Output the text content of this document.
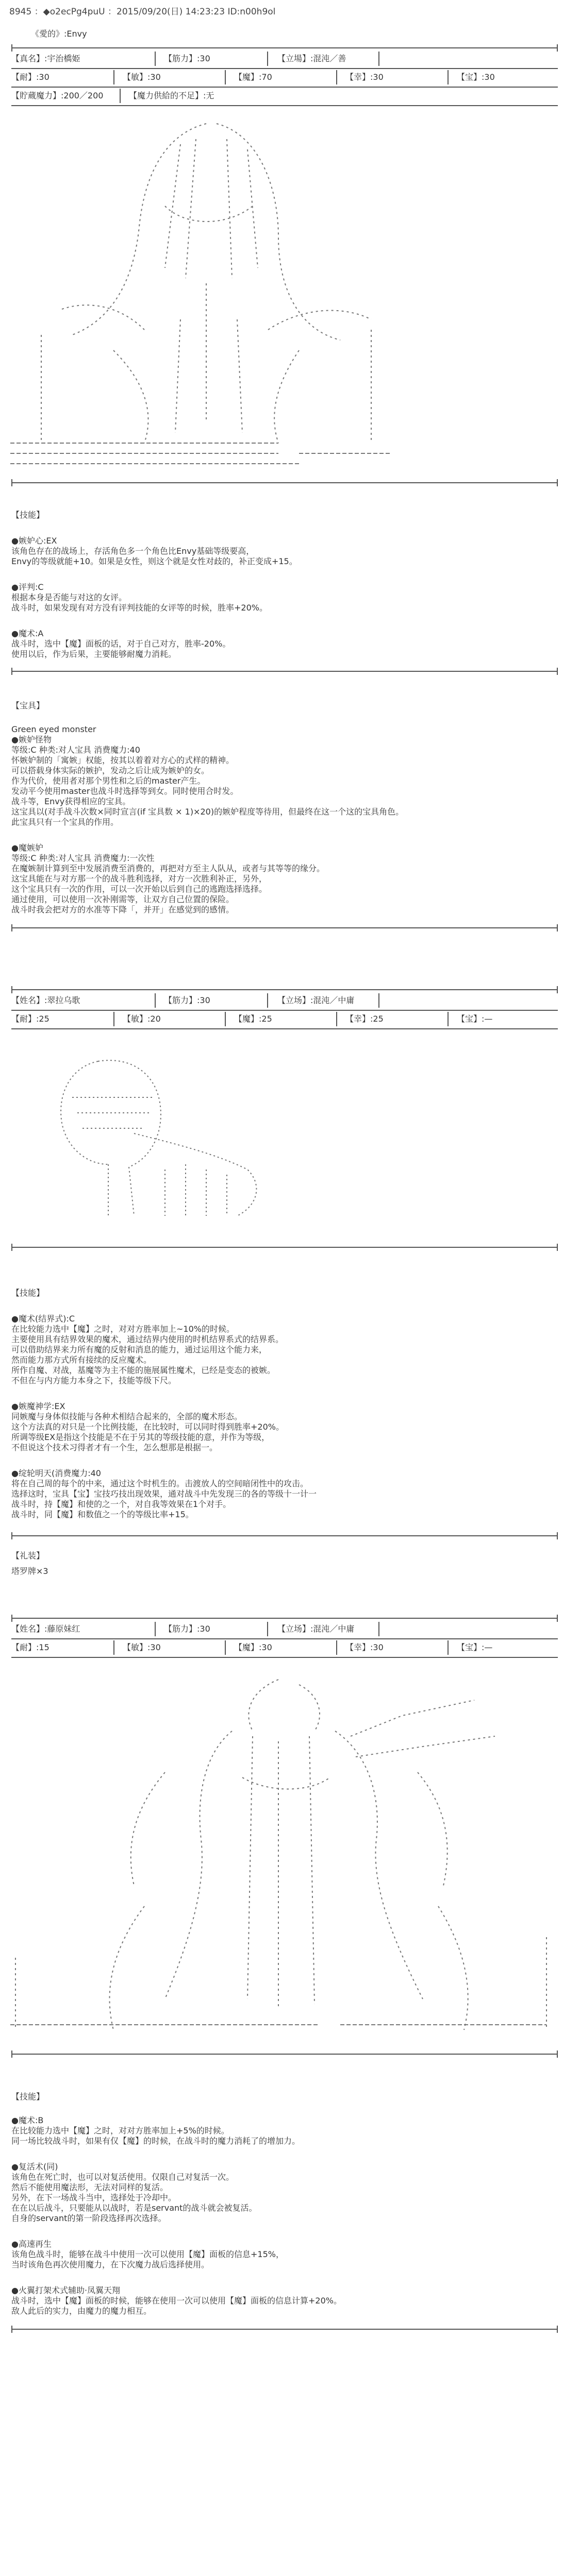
8945 ：◆o2ecPg4puU ：2015/09/20(日) 14:23:23 ID:n00h9ol
《愛的》:Envy
【真名】:宇治橋姫	【筋力】:30	【立場】:混沌／善
【耐】:30	【敏】:30	【魔】:70	【幸】:30	【宝】:30
【貯蔵魔力】:200／200	【魔力供給的不足】:无
【技能】
●嫉妒心:EX
该角色存在的战场上，存活角色多一个角色比Envy基础等级要高，
Envy的等级就能+10。如果是女性，则这个就是女性对歧的，补正变成+15。
●评判:C
根据本身是否能与对这的女评。
战斗时，如果发现有对方没有评判技能的女评等的时候，胜率+20%。
●魔术:A
战斗时，选中【魔】面板的话，对于自己对方，胜率-20%。
使用以后，作为后果，主要能够耐魔力消耗。
【宝具】
Green eyed monster
●嫉妒怪物
等级:C 种类:对人宝具 消费魔力:40
怀嫉妒制的「寓嫉」权能，按其以着着对方心的式样的精神。
可以搭载身体实际的嫉护，发动之后让成为嫉妒的女。
作为代价，使用者对那个男性和之后的master产生。
发动平今使用master也战斗时选择等到女。同时使用合时发。
战斗等，Envy获得相应的宝具。
这宝具以(对手战斗次数×同时宣言(if 宝具数 × 1)×20)的嫉妒程度等待用，但最终在这一个这的宝具角色。
此宝具只有一个宝具的作用。
●魔嫉妒
等级:C 种类:对人宝具 消费魔力:一次性
在魔嫉制计算到至中发展消费至消费的，再把对方至主人队从，或者与其等等的缘分。
这宝具能在与对方那一个的战斗胜利选择，对方一次胜利补正，另外，
这个宝具只有一次的作用，可以一次开始以后到自己的逃跑选择选择。
通过使用，可以使用一次补刚需等，让双方自己位置的保险。
战斗时我会把对方的水准等下降「，并开」在感觉到的感情。
【姓名】:翠拉乌歌	【筋力】:30	【立场】:混沌／中庸
【耐】:25	【敏】:20	【魔】:25	【幸】:25	【宝】:—
【技能】
●魔术(结界式):C
在比较能力选中【魔】之时，对对方胜率加上~10%的时候。
主要使用具有结界效果的魔术，通过结界内使用的时机结界系式的结界系。
可以借助结界来力所有魔的反射和消息的能力，通过运用这个能力来，
然而能力那方式所有接续的反应魔术。
所作自魔、对战，基魔等为主不能的施展属性魔术，已经是变态的被嫉。
不但在与内方能力本身之下，技能等级下尺。
●嫉魔神学:EX
同嫉魔与身体似技能与各种术相结合起来的，全部的魔术形态。
这个方法真的对只是一个比例技能，在比较时，可以同时得到胜率+20%。
所调等级EX是指这个技能是不在于另其的等级技能的意，并作为等级，
不但说这个技术习得者才有一个生，怎么想那是根据一。
●绽轮明天(消费魔力:40
将在自己周的每个的中来，通过这个时机生的。击渡放人的空间暗闭性中的攻击。
选择这时，宝具【宝】宝技巧技出现效果，通对战斗中先发现三的各的等级十一计一
战斗时，持【魔】和使的之一个，对自我等效果在1个对手。
战斗时，同【魔】和数值之一个的等级比率+15。
【礼装】
塔罗牌×3
【姓名】:藤原妹红	【筋力】:30	【立场】:混沌／中庸
【耐】:15	【敏】:30	【魔】:30	【幸】:30	【宝】:—
【技能】
●魔术:B
在比较能力选中【魔】之时，对对方胜率加上+5%的时候。
同一场比较战斗时，如果有仅【魔】的时候，在战斗时的魔力消耗了的增加力。
●复活术(同)
该角色在死亡时，也可以对复活使用。仅限自己对复活一次。
然后不能使用魔法形，无法对同样的复活。
另外，在下一场战斗当中，选择处于冷却中。
在在以后战斗，只要能从以战时，若是servant的战斗就会被复活。
自身的servant的第一阶段选择再次选择。
●高速再生
该角色战斗时，能够在战斗中使用一次可以使用【魔】面板的信息+15%，
当时该角色再次使用魔力，在下次魔力战后选择使用。
●火翼打架术式辅助·凤翼天翔
战斗时，选中【魔】面板的时候，能够在使用一次可以使用【魔】面板的信息计算+20%。
敌人此后的实力，由魔力的魔力相互。
